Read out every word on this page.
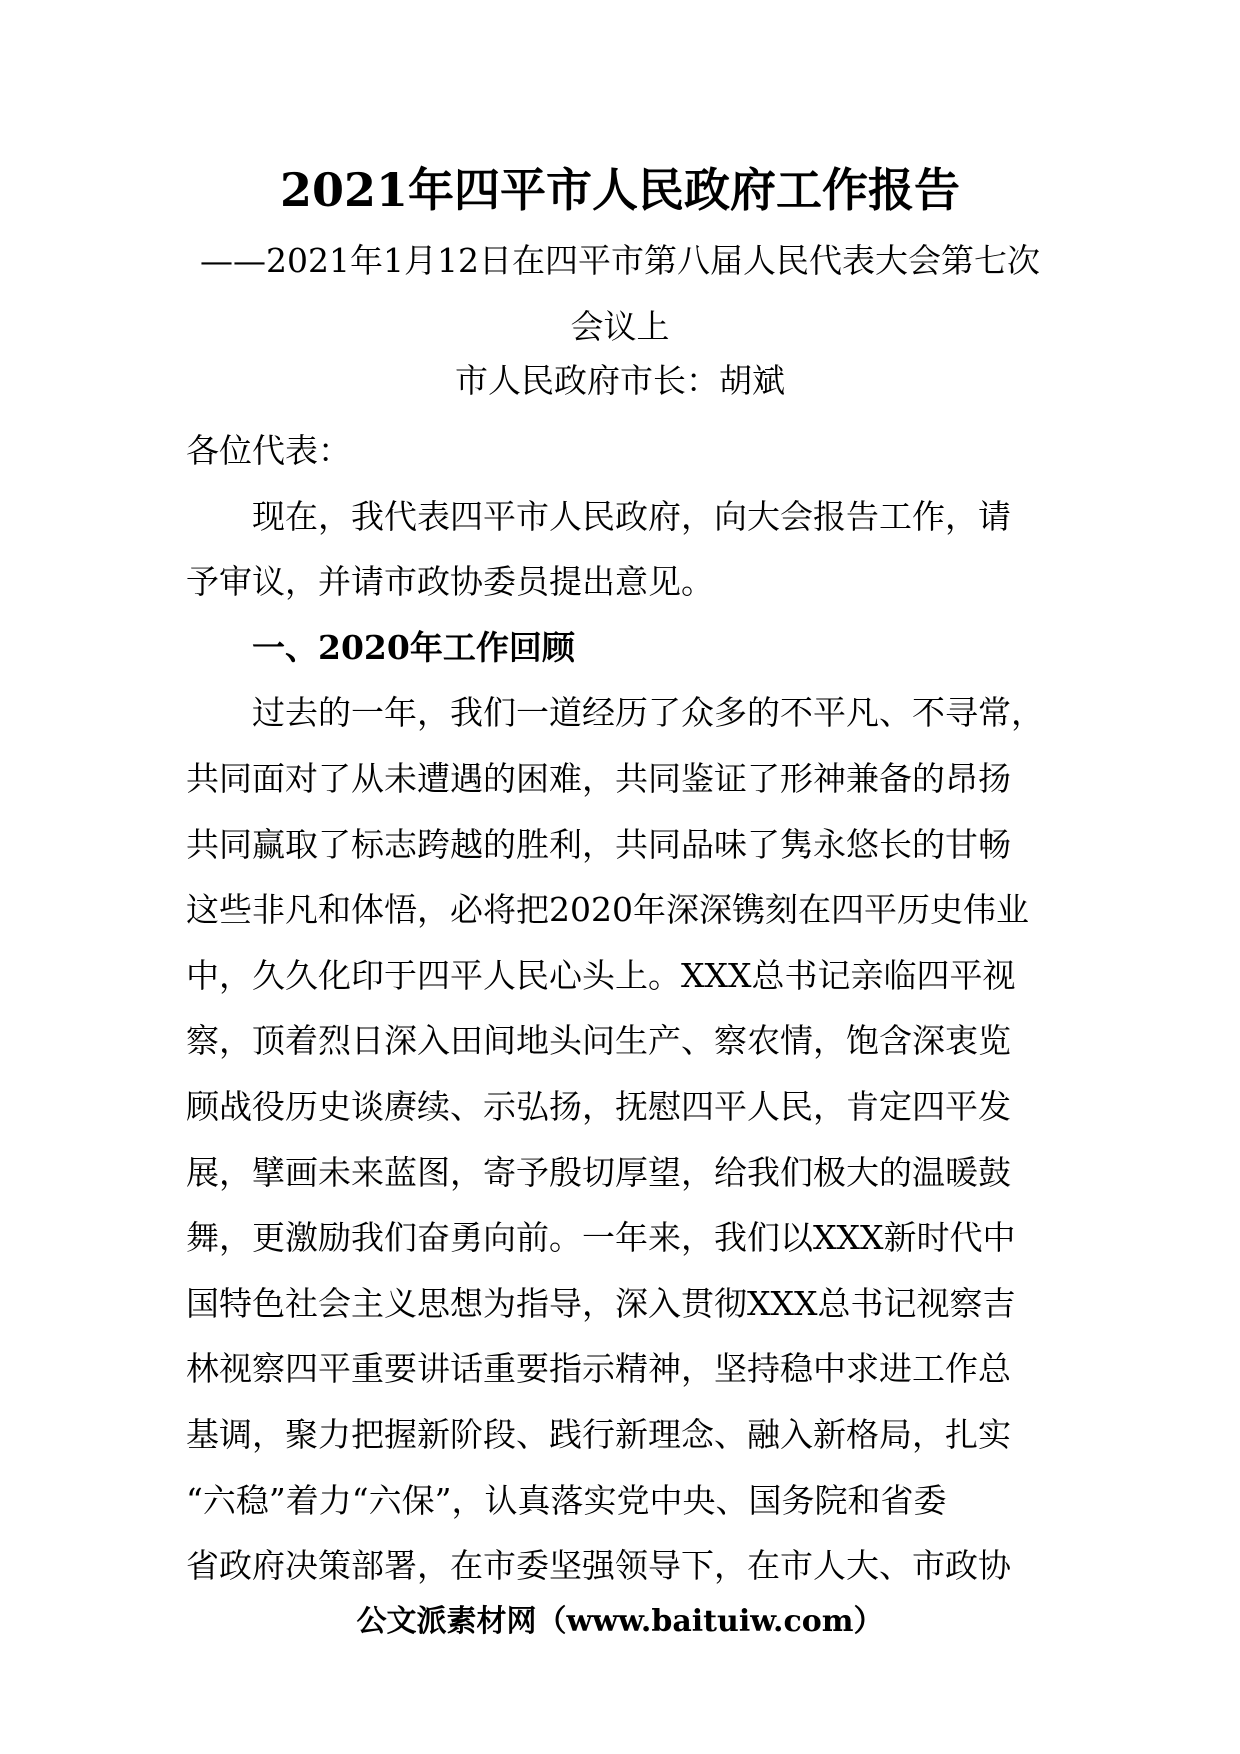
2021年四平市人民政府工作报告
——2021年1月12日在四平市第八届人民代表大会第七次
会议上
市人民政府市长：胡斌
各位代表：
现在，我代表四平市人民政府，向大会报告工作，请
予审议，并请市政协委员提出意见。
一、2020年工作回顾
过去的一年，我们一道经历了众多的不平凡、不寻常，
共同面对了从未遭遇的困难，共同鉴证了形神兼备的昂扬
共同赢取了标志跨越的胜利，共同品味了隽永悠长的甘畅
这些非凡和体悟，必将把2020年深深镌刻在四平历史伟业
中，久久化印于四平人民心头上。XXX总书记亲临四平视
察，顶着烈日深入田间地头问生产、察农情，饱含深衷览
顾战役历史谈赓续、示弘扬，抚慰四平人民，肯定四平发
展，擘画未来蓝图，寄予殷切厚望，给我们极大的温暖鼓
舞，更激励我们奋勇向前。一年来，我们以XXX新时代中
国特色社会主义思想为指导，深入贯彻XXX总书记视察吉
林视察四平重要讲话重要指示精神，坚持稳中求进工作总
基调，聚力把握新阶段、践行新理念、融入新格局，扎实
“六稳”着力“六保”，认真落实党中央、国务院和省委
省政府决策部署，在市委坚强领导下，在市人大、市政协
公文派素材网（www.baituiw.com）
